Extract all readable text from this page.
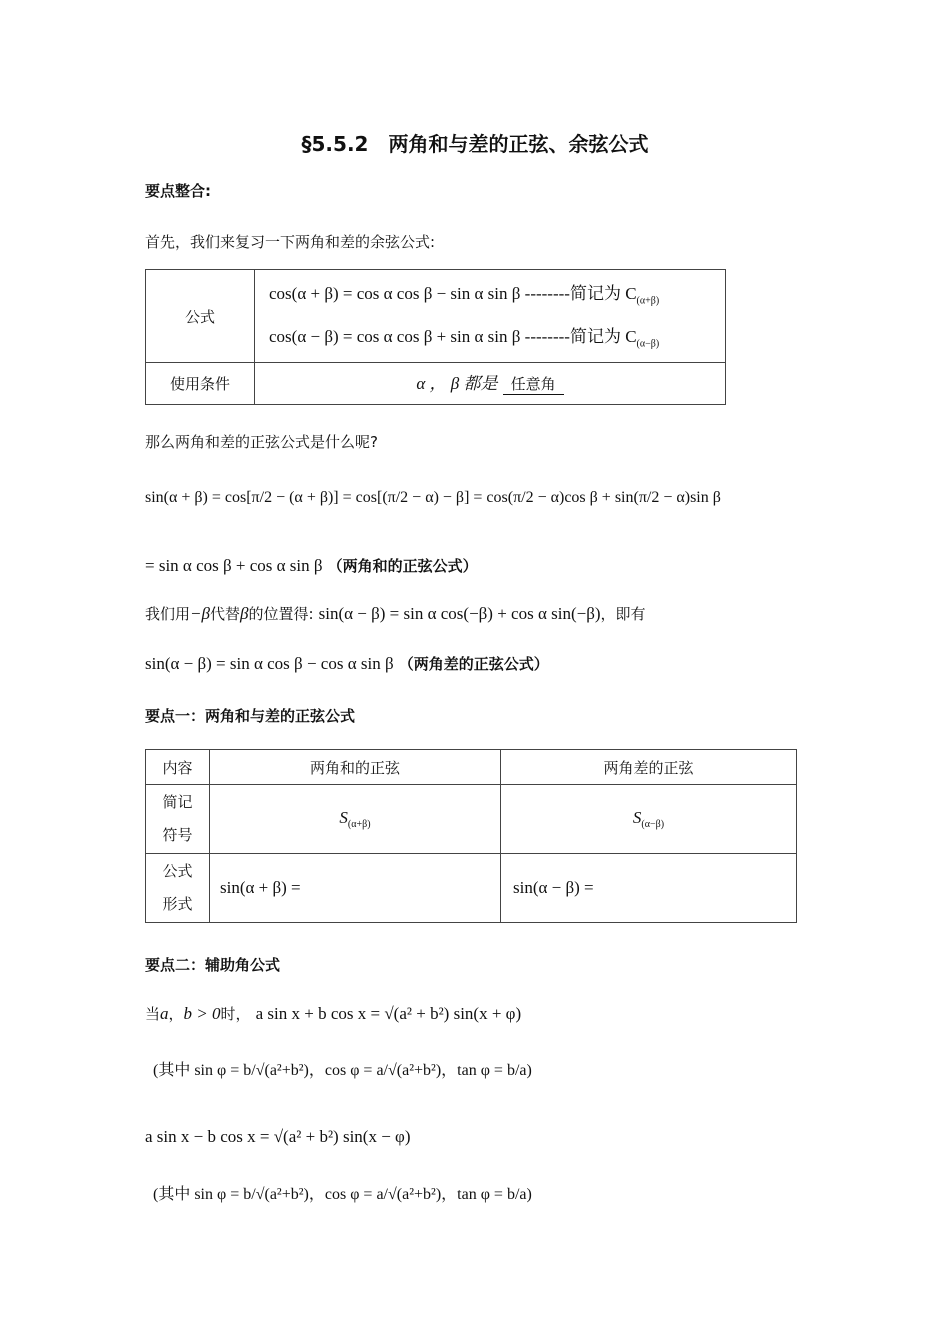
§5.5.2　两角和与差的正弦、余弦公式
要点整合:
首先，我们来复习一下两角和差的余弦公式:
公式	cos(α + β) = cos α cos β − sin α sin β --------简记为 $C_{(\alpha+\beta)}$
cos(α − β) = cos α cos β + sin α sin β --------简记为 $C_{(\alpha-\beta)}$

使用条件	α ， β 都是 任意角
那么两角和差的正弦公式是什么呢?
sin(α + β) = cos[π/2 − (α + β)] = cos[(π/2 − α) − β] = cos(π/2 − α)cos β + sin(π/2 − α)sin β
= sin α cos β + cos α sin β （两角和的正弦公式）
我们用−β代替β的位置得: sin(α − β) = sin α cos(−β) + cos α sin(−β)，即有
sin(α − β) = sin α cos β − cos α sin β （两角差的正弦公式）
要点一：两角和与差的正弦公式
内容	两角和的正弦	两角差的正弦

简记
符号	$S_{(\alpha+\beta)}$	$S_{(\alpha-\beta)}$

公式
形式	sin(α + β) =	sin(α − β) =
要点二：辅助角公式
当a，b > 0时， a sin x + b cos x = √(a² + b²) sin(x + φ)
(其中 sin φ = b/√(a²+b²)，cos φ = a/√(a²+b²)，tan φ = b/a)
a sin x − b cos x = √(a² + b²) sin(x − φ)
(其中 sin φ = b/√(a²+b²)，cos φ = a/√(a²+b²)，tan φ = b/a)
